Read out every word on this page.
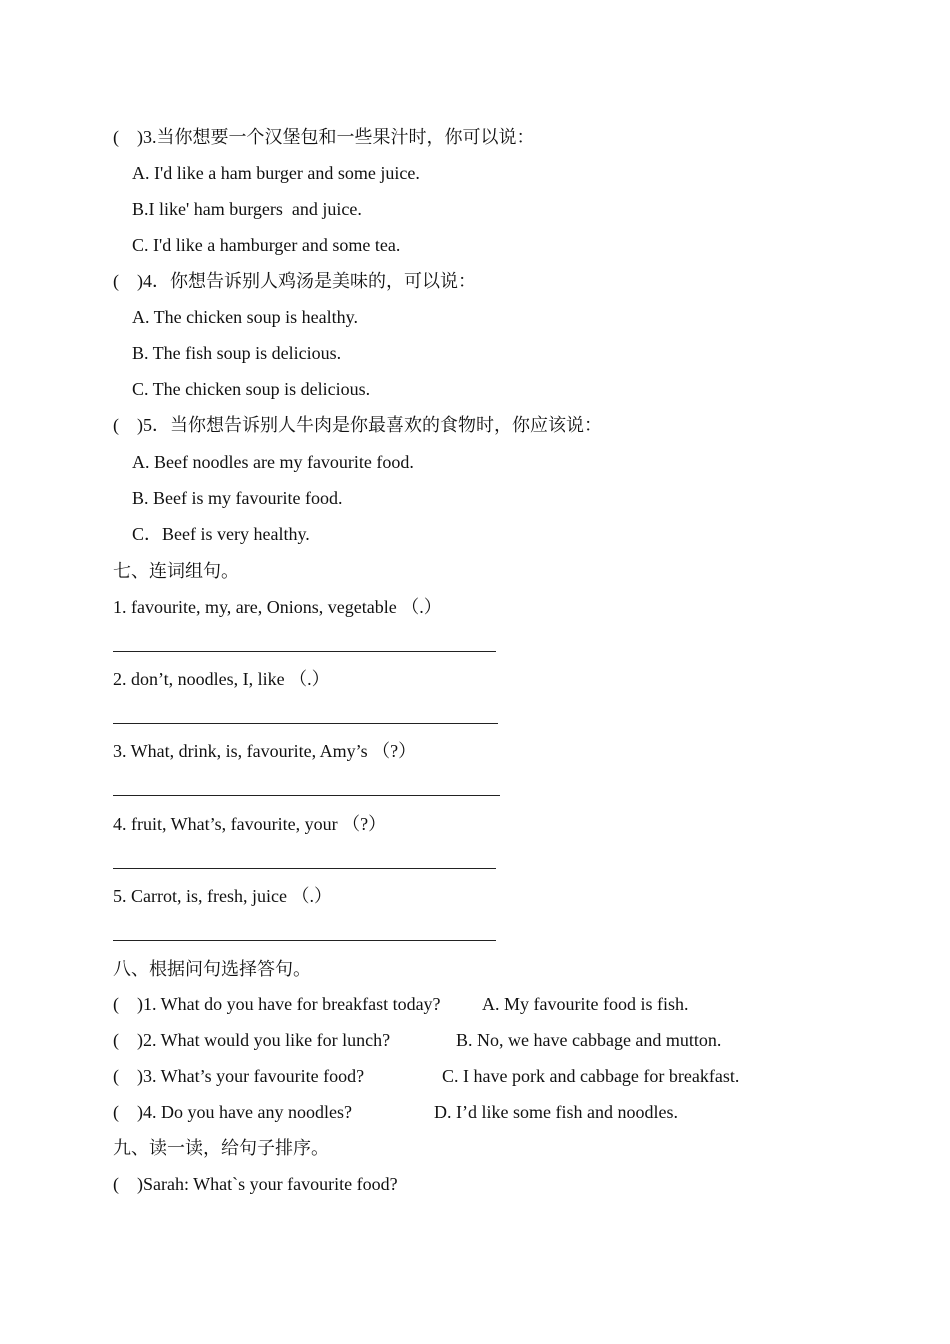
(    )3.当你想要一个汉堡包和一些果汁时，你可以说：
A. I'd like a ham burger and some juice.
B.I like' ham burgers  and juice.
C. I'd like a hamburger and some tea.
(    )4．你想告诉别人鸡汤是美味的，可以说：
A. The chicken soup is healthy.
B. The fish soup is delicious.
C. The chicken soup is delicious.
(    )5．当你想告诉别人牛肉是你最喜欢的食物时，你应该说：
A. Beef noodles are my favourite food.
B. Beef is my favourite food.
C．Beef is very healthy.
七、连词组句。
1. favourite, my, are, Onions, vegetable （.）
2. don’t, noodles, I, like （.）
3. What, drink, is, favourite, Amy’s （?）
4. fruit, What’s, favourite, your （?）
5. Carrot, is, fresh, juice （.）
八、根据问句选择答句。
(    )1. What do you have for breakfast today? A. My favourite food is fish.
(    )2. What would you like for lunch?	B. No, we have cabbage and mutton.
(    )3. What’s your favourite food?	C. I have pork and cabbage for breakfast.
(    )4. Do you have any noodles?	D. I’d like some fish and noodles.
九、读一读，给句子排序。
(    )Sarah: What`s your favourite food?
